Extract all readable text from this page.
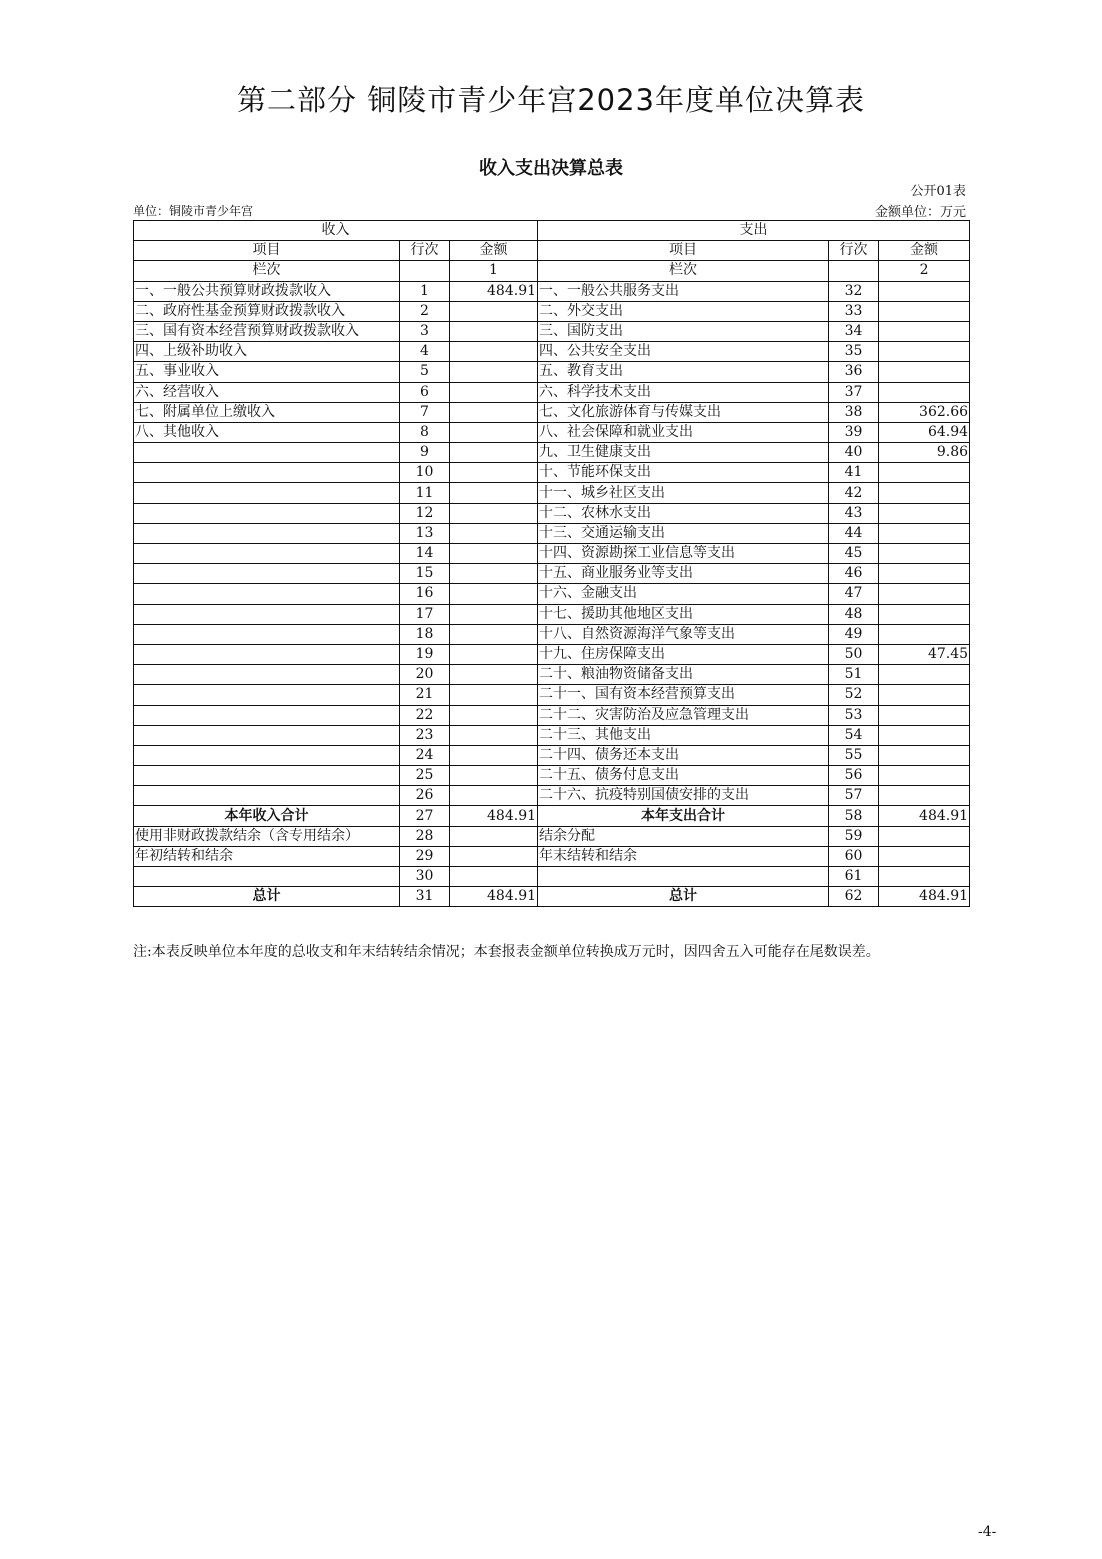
第二部分 铜陵市青少年宫2023年度单位决算表
收入支出决算总表
公开01表
单位：铜陵市青少年宫	金额单位：万元
收入			支出		
项目	行次	金额	项目	行次	金额
栏次		1	栏次		2
一、一般公共预算财政拨款收入	1	484.91	一、一般公共服务支出	32	
二、政府性基金预算财政拨款收入	2		二、外交支出	33	
三、国有资本经营预算财政拨款收入	3		三、国防支出	34	
四、上级补助收入	4		四、公共安全支出	35	
五、事业收入	5		五、教育支出	36	
六、经营收入	6		六、科学技术支出	37	
七、附属单位上缴收入	7		七、文化旅游体育与传媒支出	38	362.66
八、其他收入	8		八、社会保障和就业支出	39	64.94
	9		九、卫生健康支出	40	9.86
	10		十、节能环保支出	41	
	11		十一、城乡社区支出	42	
	12		十二、农林水支出	43	
	13		十三、交通运输支出	44	
	14		十四、资源勘探工业信息等支出	45	
	15		十五、商业服务业等支出	46	
	16		十六、金融支出	47	
	17		十七、援助其他地区支出	48	
	18		十八、自然资源海洋气象等支出	49	
	19		十九、住房保障支出	50	47.45
	20		二十、粮油物资储备支出	51	
	21		二十一、国有资本经营预算支出	52	
	22		二十二、灾害防治及应急管理支出	53	
	23		二十三、其他支出	54	
	24		二十四、债务还本支出	55	
	25		二十五、债务付息支出	56	
	26		二十六、抗疫特别国债安排的支出	57	
本年收入合计	27	484.91	本年支出合计	58	484.91
使用非财政拨款结余（含专用结余）	28		结余分配	59	
年初结转和结余	29		年末结转和结余	60	
	30			61	
总计	31	484.91	总计	62	484.91
注:本表反映单位本年度的总收支和年末结转结余情况；本套报表金额单位转换成万元时，因四舍五入可能存在尾数误差。
-4-
